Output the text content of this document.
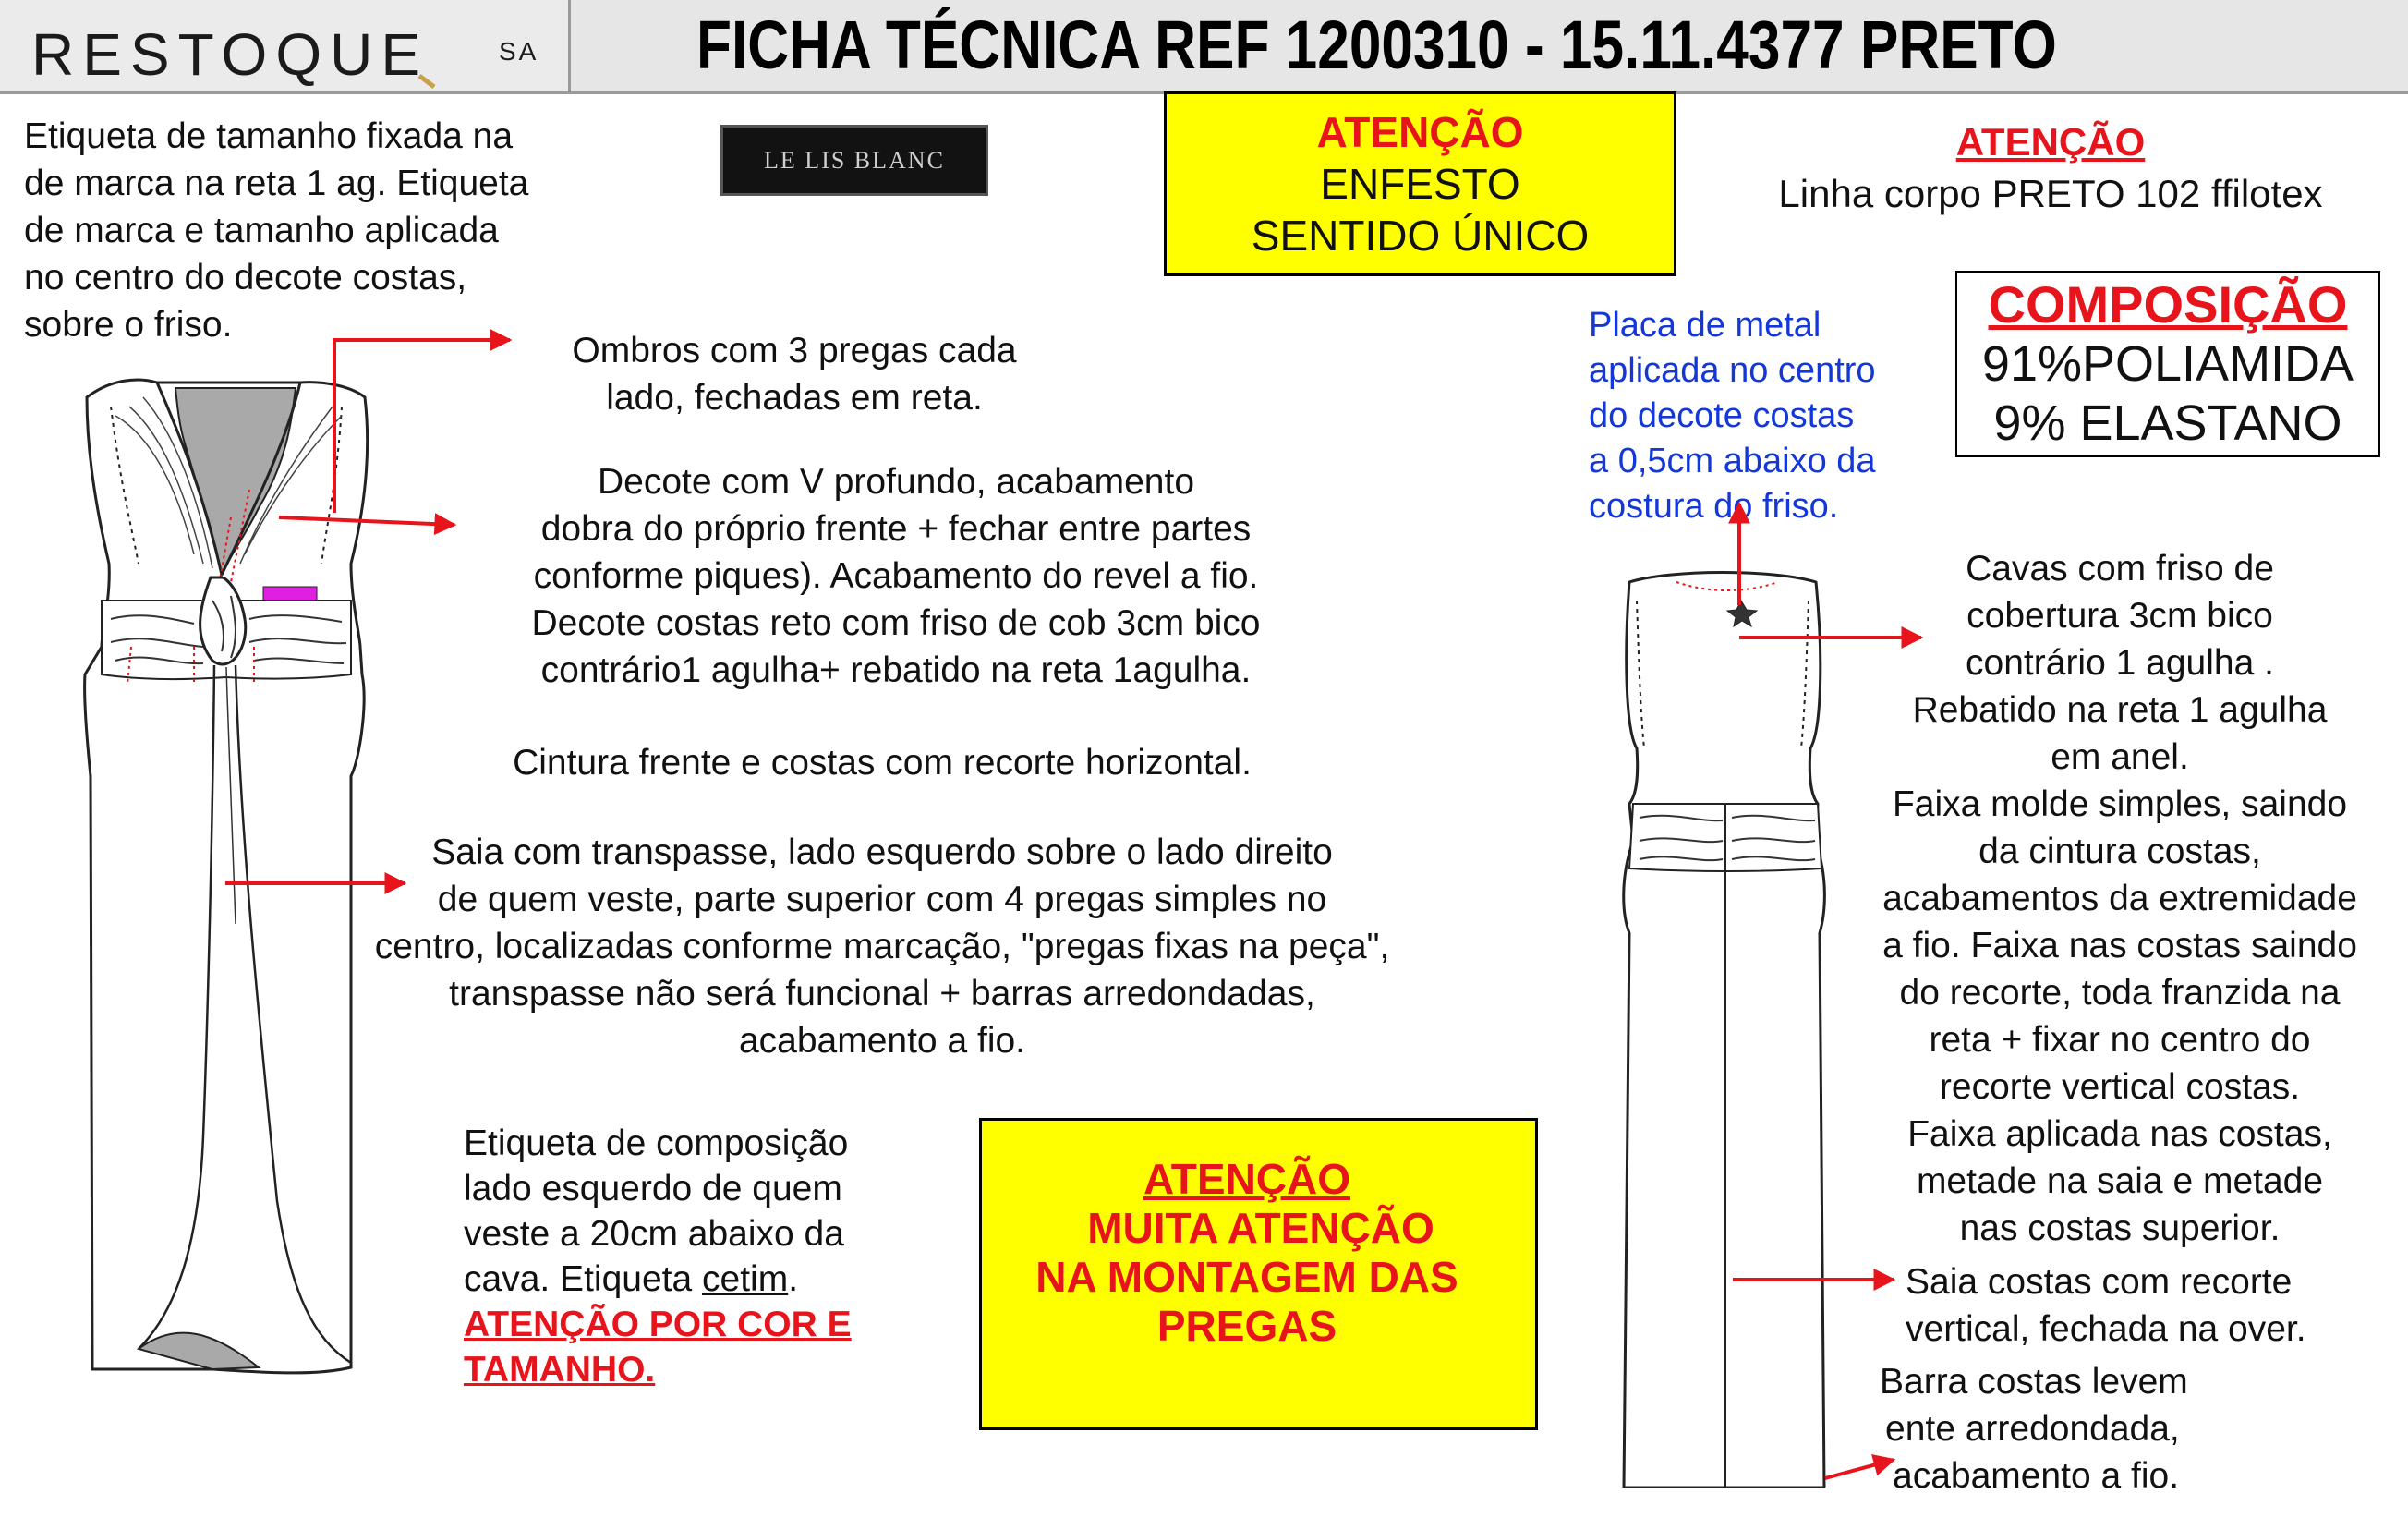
RESTOQUE	SA FICHA TÉCNICA REF 1200310 - 15.11.4377 PRETO
Etiqueta de tamanho fixada na
de marca na reta 1 ag. Etiqueta
de marca e tamanho aplicada
no centro do decote costas,
sobre o friso.
LE LIS BLANC
ATENÇÃO
ENFESTO
SENTIDO ÚNICO
ATENÇÃO
Linha corpo PRETO 102 ffilotex
COMPOSIÇÃO
91%POLIAMIDA
9% ELASTANO
Placa de metal
aplicada no centro
do decote costas
a 0,5cm abaixo da
costura do friso.
Ombros com 3 pregas cada
lado, fechadas em reta.
Decote com V profundo, acabamento
dobra do próprio frente + fechar entre partes
conforme piques). Acabamento do revel a fio.
Decote costas reto com friso de cob 3cm bico
contrário1 agulha+ rebatido na reta 1agulha.
Cintura frente e costas com recorte horizontal.
Saia com transpasse, lado esquerdo sobre o lado direito
de quem veste, parte superior com 4 pregas simples no
centro, localizadas conforme marcação, "pregas fixas na peça",
transpasse não será funcional + barras arredondadas,
acabamento a fio.
Etiqueta de composição
lado esquerdo de quem
veste a 20cm abaixo da
cava. Etiqueta cetim.
ATENÇÃO POR COR E
TAMANHO.
ATENÇÃO
MUITA ATENÇÃO
NA MONTAGEM DAS
PREGAS
Cavas com friso de
cobertura 3cm bico
contrário 1 agulha .
Rebatido na reta 1 agulha
em anel.
Faixa molde simples, saindo
da cintura costas,
acabamentos da extremidade
a fio. Faixa nas costas saindo
do recorte, toda franzida na
reta + fixar no centro do
recorte vertical costas.
Faixa aplicada nas costas,
metade na saia e metade
nas costas superior.
Saia costas com recorte
vertical, fechada na over.
Barra costas levem
ente arredondada,
acabamento a fio.
